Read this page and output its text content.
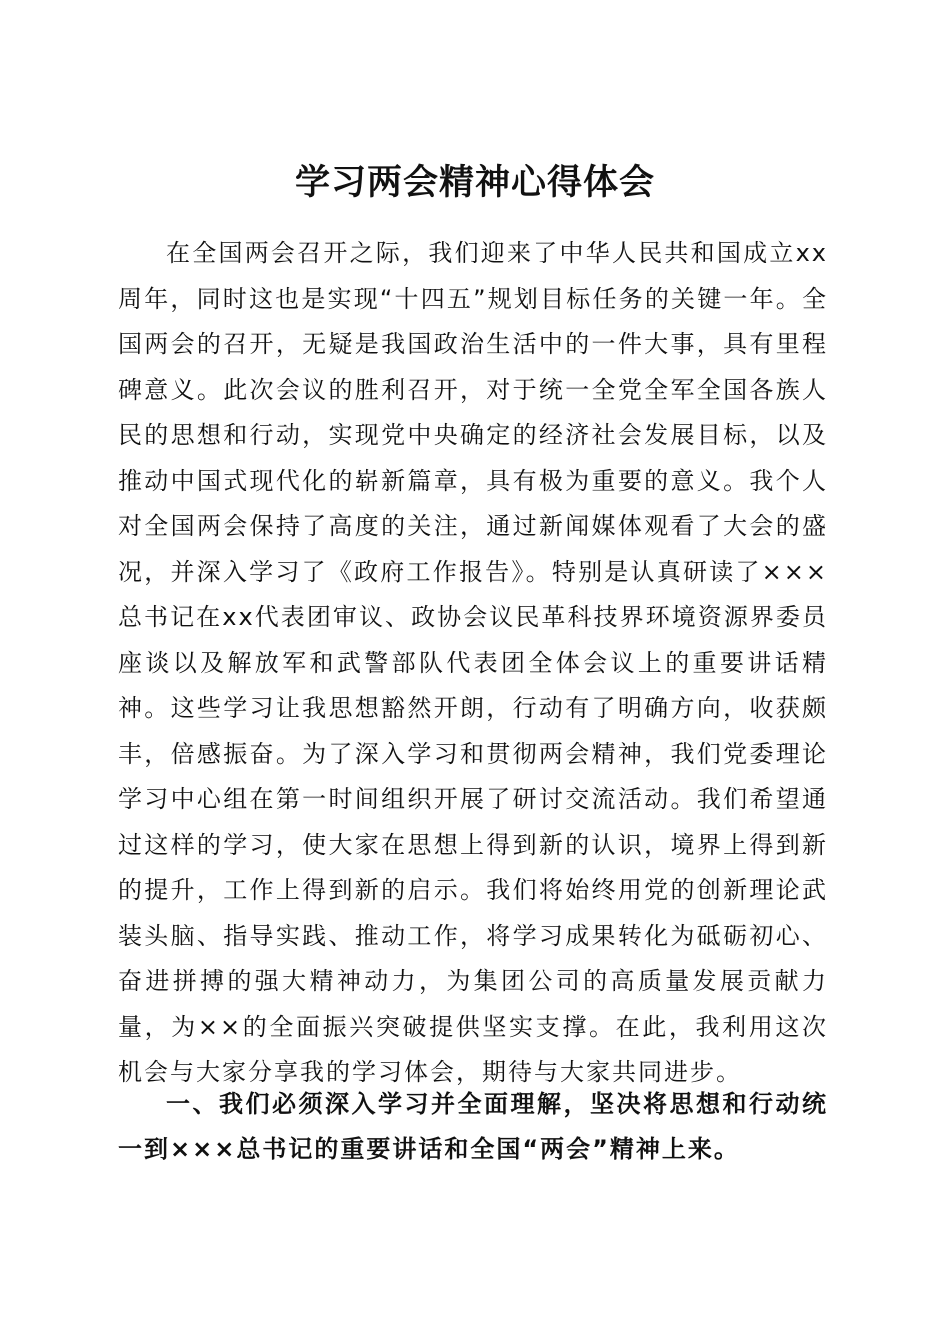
学习两会精神心得体会

在全国两会召开之际，我们迎来了中华人民共和国成立xx周年，同时这也是实现“十四五”规划目标任务的关键一年。全国两会的召开，无疑是我国政治生活中的一件大事，具有里程碑意义。此次会议的胜利召开，对于统一全党全军全国各族人民的思想和行动，实现党中央确定的经济社会发展目标，以及推动中国式现代化的崭新篇章，具有极为重要的意义。我个人对全国两会保持了高度的关注，通过新闻媒体观看了大会的盛况，并深入学习了《政府工作报告》。特别是认真研读了×××总书记在xx代表团审议、政协会议民革科技界环境资源界委员座谈以及解放军和武警部队代表团全体会议上的重要讲话精神。这些学习让我思想豁然开朗，行动有了明确方向，收获颇丰，倍感振奋。为了深入学习和贯彻两会精神，我们党委理论学习中心组在第一时间组织开展了研讨交流活动。我们希望通过这样的学习，使大家在思想上得到新的认识，境界上得到新的提升，工作上得到新的启示。我们将始终用党的创新理论武装头脑、指导实践、推动工作，将学习成果转化为砥砺初心、奋进拼搏的强大精神动力，为集团公司的高质量发展贡献力量，为××的全面振兴突破提供坚实支撑。在此，我利用这次机会与大家分享我的学习体会，期待与大家共同进步。

一、我们必须深入学习并全面理解，坚决将思想和行动统一到×××总书记的重要讲话和全国“两会”精神上来。
